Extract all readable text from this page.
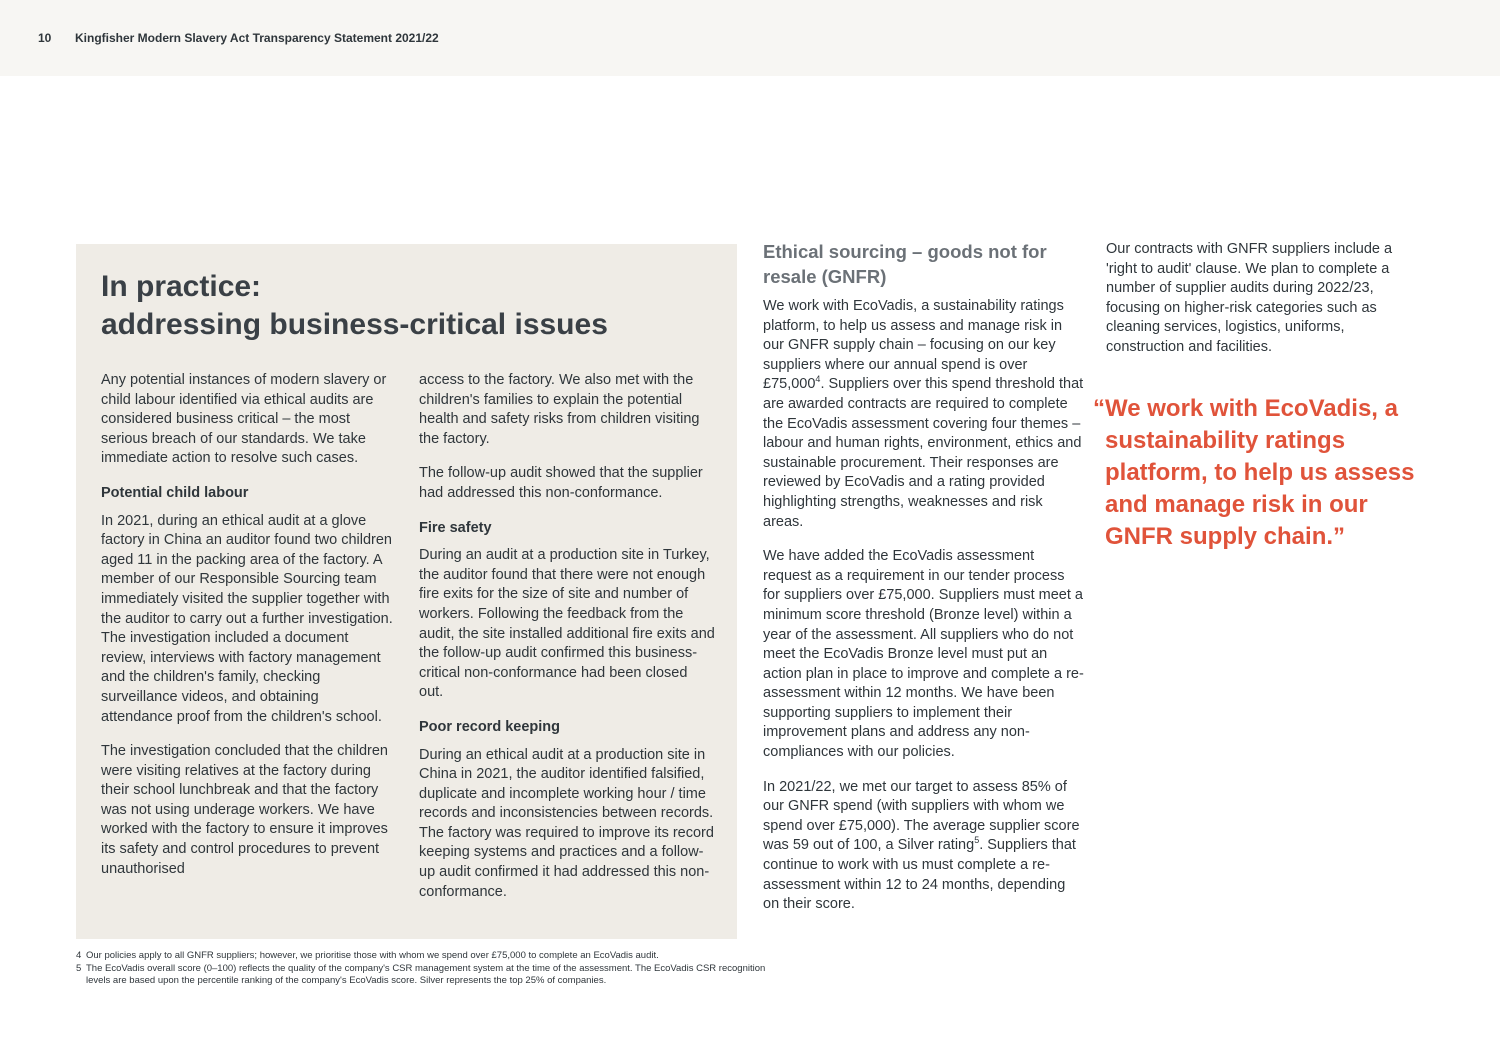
10 Kingfisher Modern Slavery Act Transparency Statement 2021/22
In practice:
addressing business-critical issues

Any potential instances of modern slavery or child labour identified via ethical audits are considered business critical – the most serious breach of our standards. We take immediate action to resolve such cases.

Potential child labour

In 2021, during an ethical audit at a glove factory in China an auditor found two children aged 11 in the packing area of the factory. A member of our Responsible Sourcing team immediately visited the supplier together with the auditor to carry out a further investigation. The investigation included a document review, interviews with factory management and the children's family, checking surveillance videos, and obtaining attendance proof from the children's school.

The investigation concluded that the children were visiting relatives at the factory during their school lunchbreak and that the factory was not using underage workers. We have worked with the factory to ensure it improves its safety and control procedures to prevent unauthorised

access to the factory. We also met with the children's families to explain the potential health and safety risks from children visiting the factory.

The follow-up audit showed that the supplier had addressed this non-conformance.

Fire safety

During an audit at a production site in Turkey, the auditor found that there were not enough fire exits for the size of site and number of workers. Following the feedback from the audit, the site installed additional fire exits and the follow-up audit confirmed this business-critical non-conformance had been closed out.

Poor record keeping

During an ethical audit at a production site in China in 2021, the auditor identified falsified, duplicate and incomplete working hour / time records and inconsistencies between records. The factory was required to improve its record keeping systems and practices and a follow-up audit confirmed it had addressed this non-conformance.

Ethical sourcing – goods not for resale (GNFR)

We work with EcoVadis, a sustainability ratings platform, to help us assess and manage risk in our GNFR supply chain – focusing on our key suppliers where our annual spend is over £75,000$^4$. Suppliers over this spend threshold that are awarded contracts are required to complete the EcoVadis assessment covering four themes – labour and human rights, environment, ethics and sustainable procurement. Their responses are reviewed by EcoVadis and a rating provided highlighting strengths, weaknesses and risk areas.

We have added the EcoVadis assessment request as a requirement in our tender process for suppliers over £75,000. Suppliers must meet a minimum score threshold (Bronze level) within a year of the assessment. All suppliers who do not meet the EcoVadis Bronze level must put an action plan in place to improve and complete a re-assessment within 12 months. We have been supporting suppliers to implement their improvement plans and address any non-compliances with our policies.

In 2021/22, we met our target to assess 85% of our GNFR spend (with suppliers with whom we spend over £75,000). The average supplier score was 59 out of 100, a Silver rating$^5$. Suppliers that continue to work with us must complete a re-assessment within 12 to 24 months, depending on their score.

Our contracts with GNFR suppliers include a 'right to audit' clause. We plan to complete a number of supplier audits during 2022/23, focusing on higher-risk categories such as cleaning services, logistics, uniforms, construction and facilities.

“ We work with EcoVadis, a sustainability ratings platform, to help us assess and manage risk in our GNFR supply chain.”
4 Our policies apply to all GNFR suppliers; however, we prioritise those with whom we spend over £75,000 to complete an EcoVadis audit.
5 The EcoVadis overall score (0–100) reflects the quality of the company's CSR management system at the time of the assessment. The EcoVadis CSR recognition levels are based upon the percentile ranking of the company's EcoVadis score. Silver represents the top 25% of companies.
